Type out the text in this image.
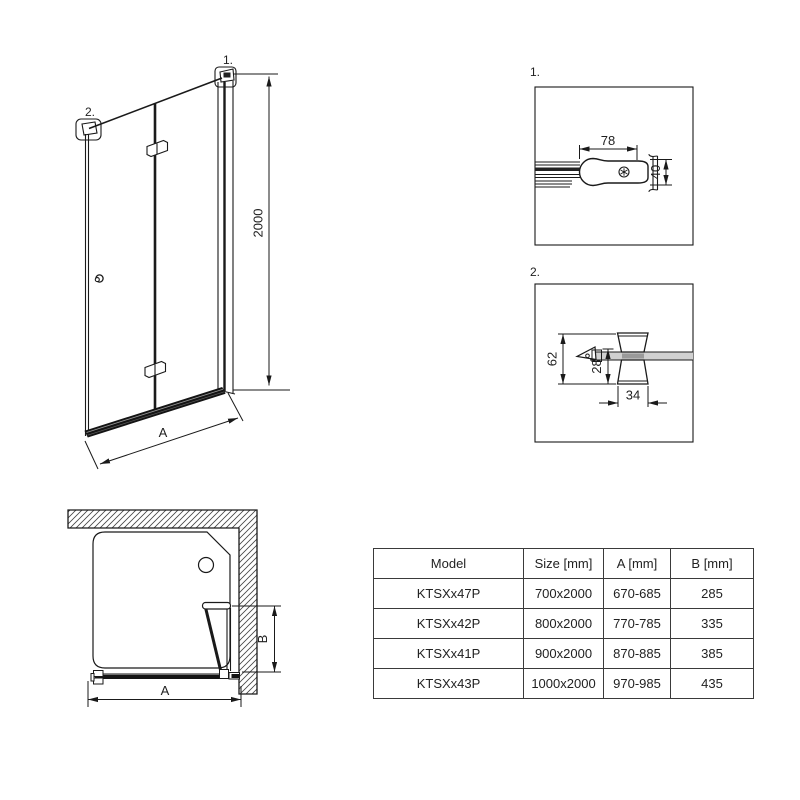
1.
2.
2000
A
1.
78
40
2.
62
28
34
B
A
Model	Size [mm]	A [mm]	B [mm]
KTSXx47P	700x2000	670-685	285
KTSXx42P	800x2000	770-785	335
KTSXx41P	900x2000	870-885	385
KTSXx43P	1000x2000	970-985	435
